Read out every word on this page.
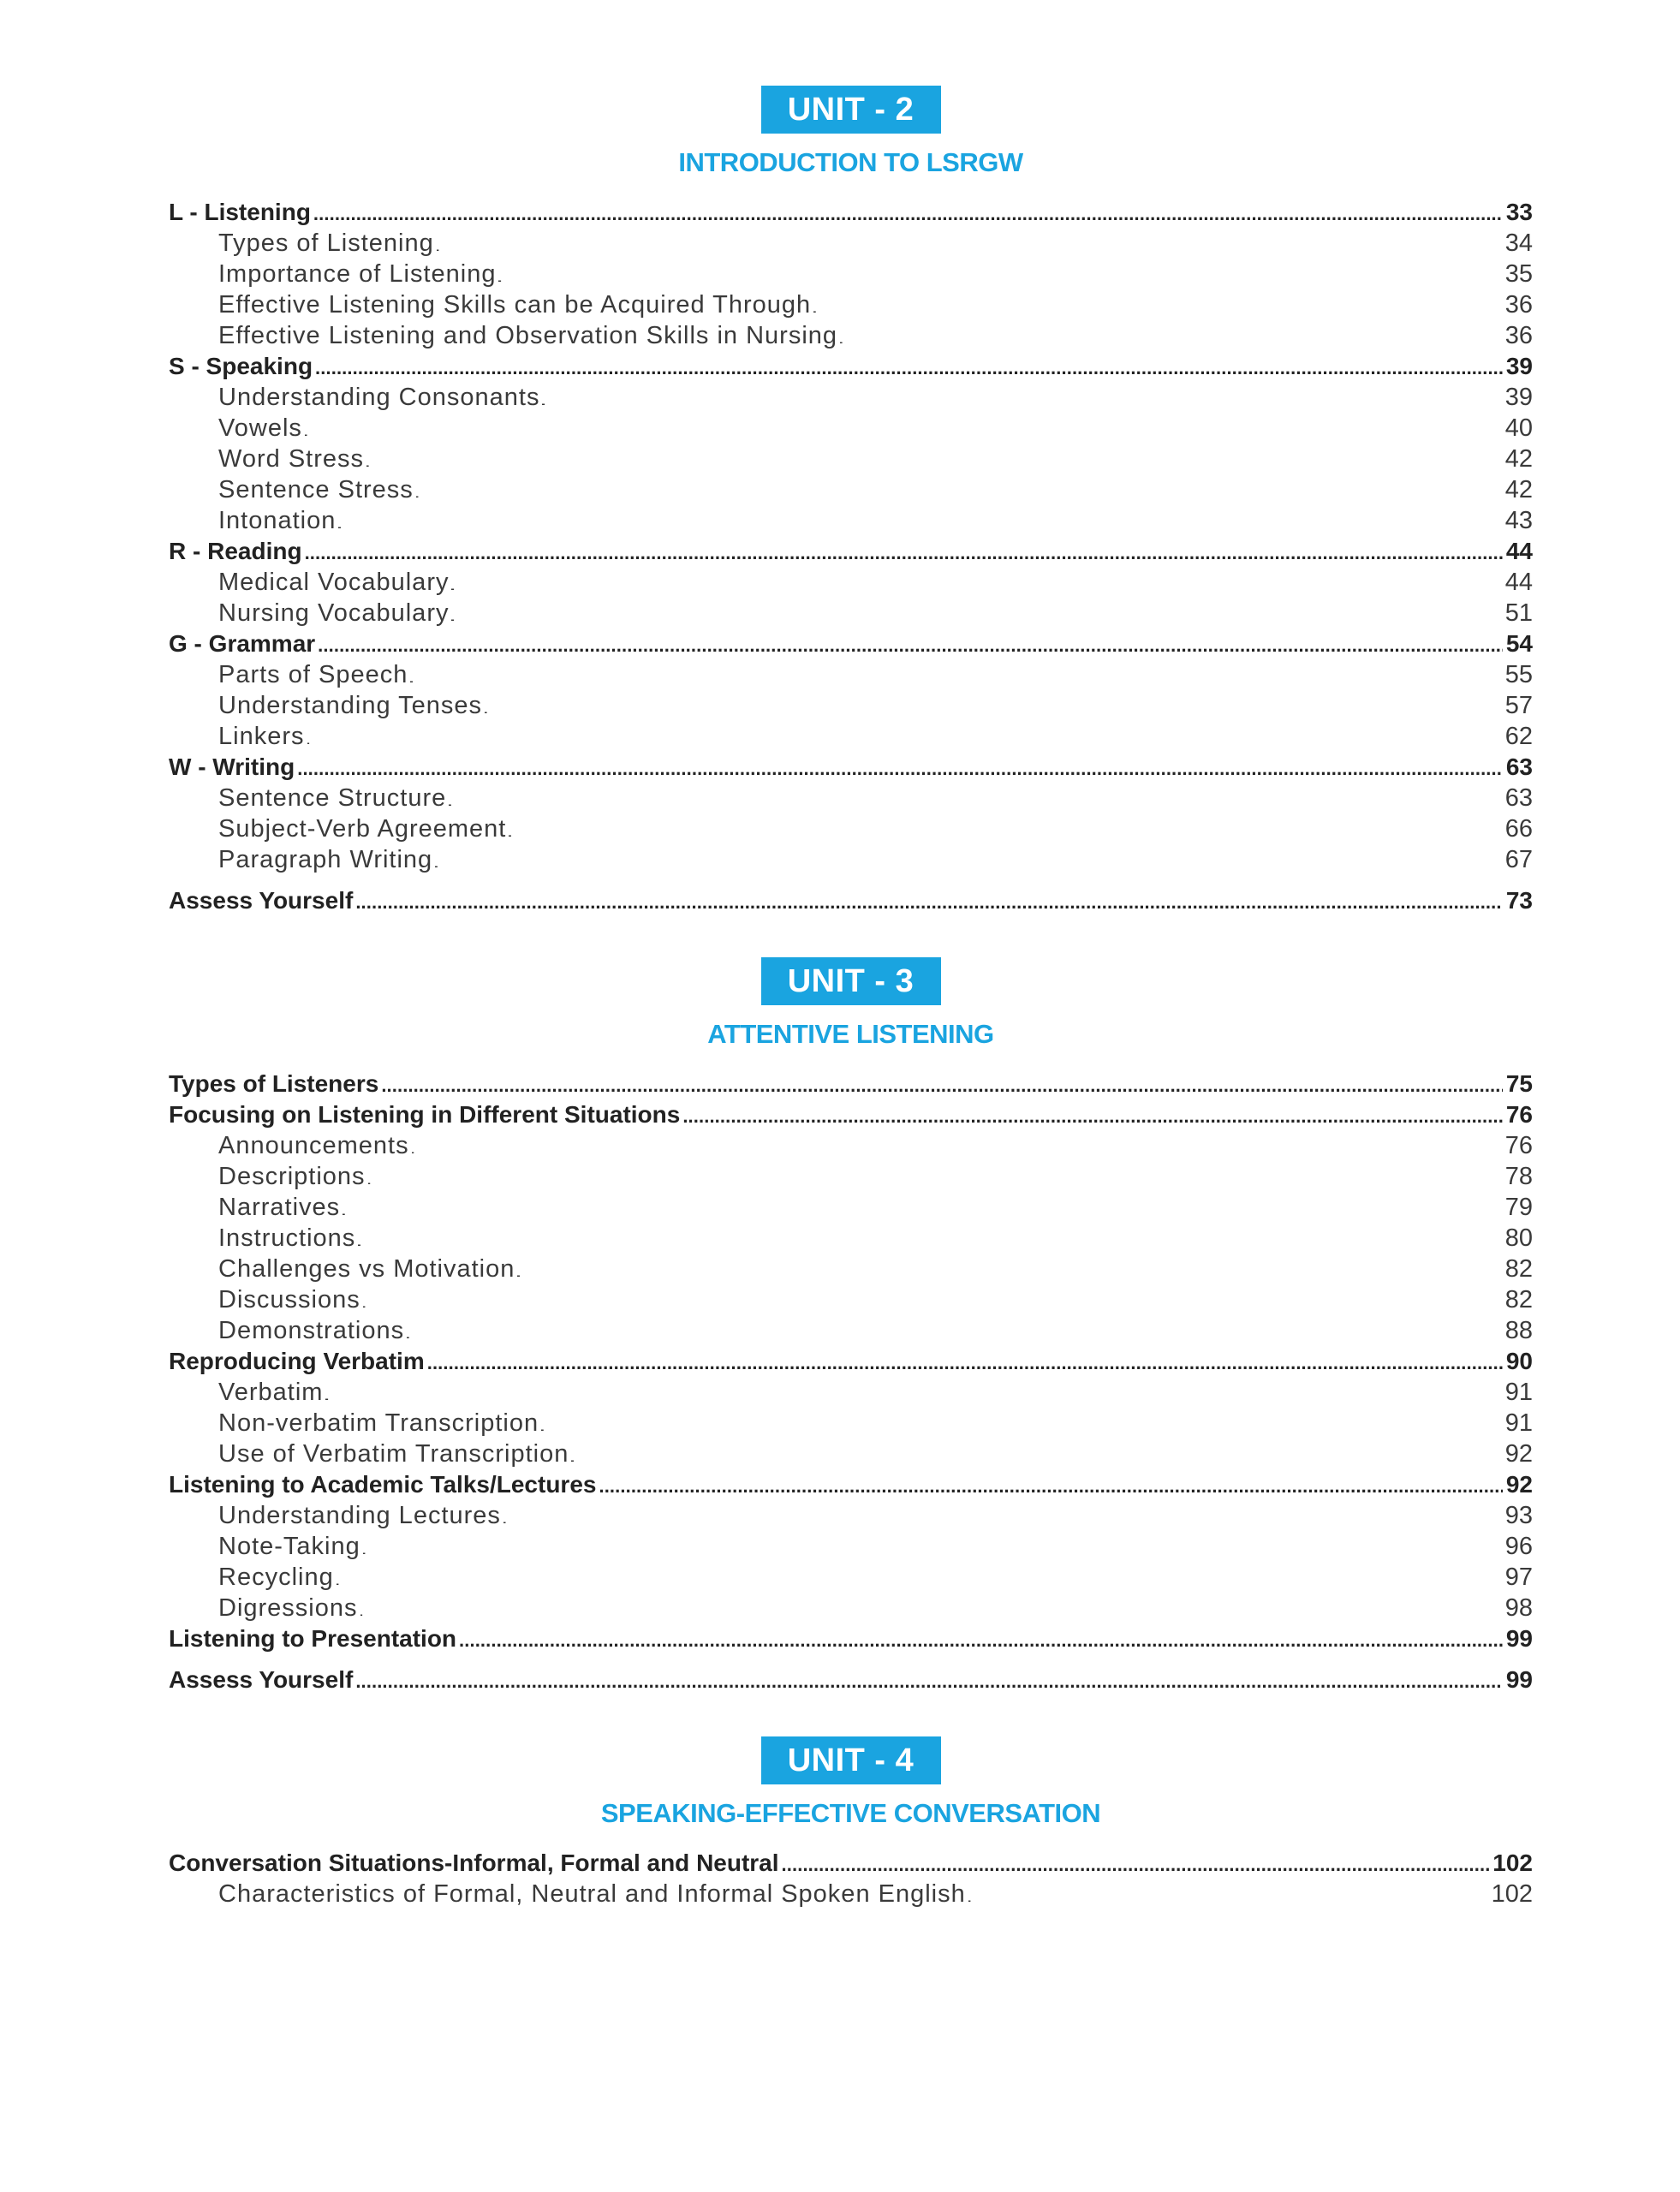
UNIT - 2
INTRODUCTION TO LSRGW
L - Listening . . .	33
Types of Listening . . .	34
Importance of Listening . . .	35
Effective Listening Skills can be Acquired Through . . .	36
Effective Listening and Observation Skills in Nursing . . .	36
S - Speaking . . .	39
Understanding Consonants . . .	39
Vowels . . .	40
Word Stress . . .	42
Sentence Stress . . .	42
Intonation . . .	43
R - Reading . . .	44
Medical Vocabulary . . .	44
Nursing Vocabulary . . .	51
G - Grammar . . .	54
Parts of Speech . . .	55
Understanding Tenses . . .	57
Linkers . . .	62
W - Writing . . .	63
Sentence Structure . . .	63
Subject-Verb Agreement . . .	66
Paragraph Writing . . .	67
Assess Yourself . . .	73
UNIT - 3
ATTENTIVE LISTENING
Types of Listeners . . .	75
Focusing on Listening in Different Situations . . .	76
Announcements . . .	76
Descriptions . . .	78
Narratives . . .	79
Instructions . . .	80
Challenges vs Motivation . . .	82
Discussions . . .	82
Demonstrations . . .	88
Reproducing Verbatim . . .	90
Verbatim . . .	91
Non-verbatim Transcription . . .	91
Use of Verbatim Transcription . . .	92
Listening to Academic Talks/Lectures . . .	92
Understanding Lectures . . .	93
Note-Taking . . .	96
Recycling . . .	97
Digressions . . .	98
Listening to Presentation . . .	99
Assess Yourself . . .	99
UNIT - 4
SPEAKING-EFFECTIVE CONVERSATION
Conversation Situations-Informal, Formal and Neutral . . .	102
Characteristics of Formal, Neutral and Informal Spoken English . . .	102
